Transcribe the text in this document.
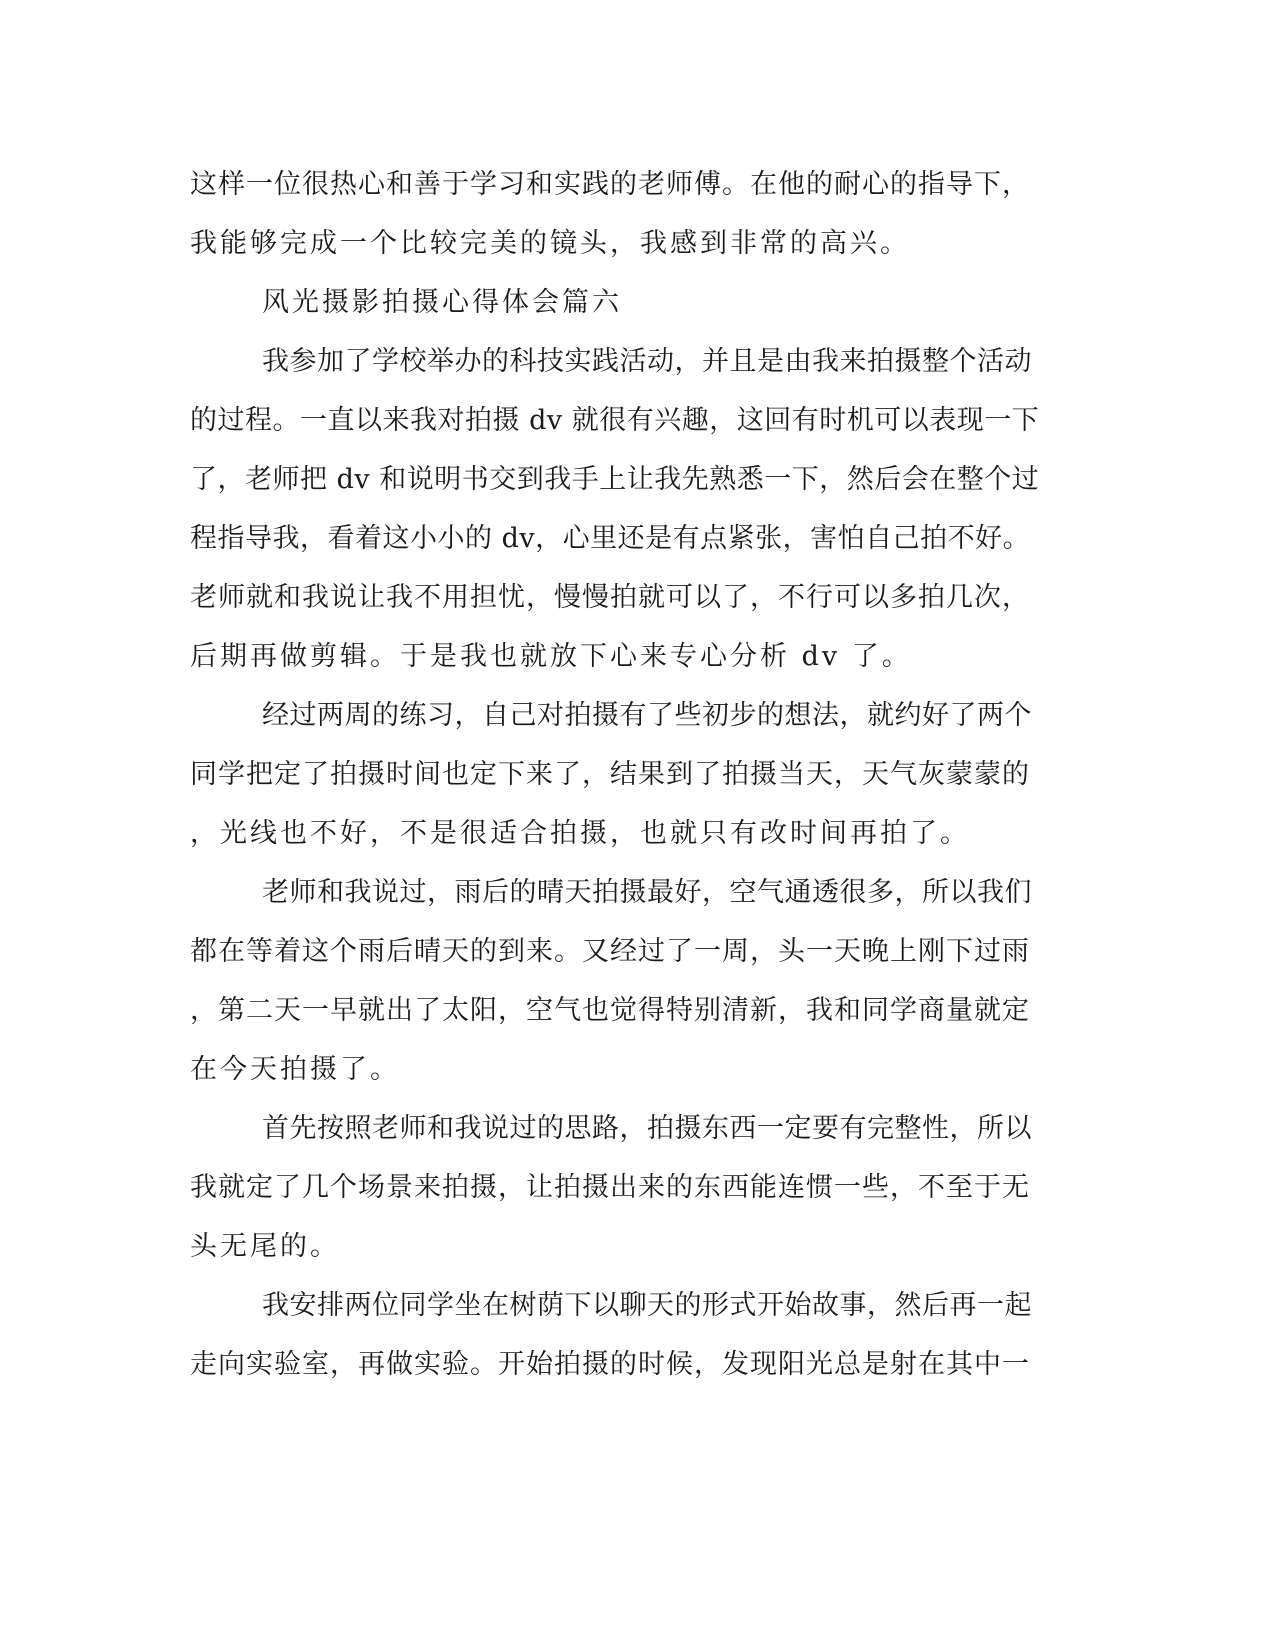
这样一位很热心和善于学习和实践的老师傅。在他的耐心的指导下，
我能够完成一个比较完美的镜头，我感到非常的高兴。
风光摄影拍摄心得体会篇六
我参加了学校举办的科技实践活动，并且是由我来拍摄整个活动
的过程。一直以来我对拍摄 dv 就很有兴趣，这回有时机可以表现一下
了，老师把 dv 和说明书交到我手上让我先熟悉一下，然后会在整个过
程指导我，看着这小小的 dv，心里还是有点紧张，害怕自己拍不好。
老师就和我说让我不用担忧，慢慢拍就可以了，不行可以多拍几次，
后期再做剪辑。于是我也就放下心来专心分析 dv 了。
经过两周的练习，自己对拍摄有了些初步的想法，就约好了两个
同学把定了拍摄时间也定下来了，结果到了拍摄当天，天气灰蒙蒙的
，光线也不好，不是很适合拍摄，也就只有改时间再拍了。
老师和我说过，雨后的晴天拍摄最好，空气通透很多，所以我们
都在等着这个雨后晴天的到来。又经过了一周，头一天晚上刚下过雨
，第二天一早就出了太阳，空气也觉得特别清新，我和同学商量就定
在今天拍摄了。
首先按照老师和我说过的思路，拍摄东西一定要有完整性，所以
我就定了几个场景来拍摄，让拍摄出来的东西能连惯一些，不至于无
头无尾的。
我安排两位同学坐在树荫下以聊天的形式开始故事，然后再一起
走向实验室，再做实验。开始拍摄的时候，发现阳光总是射在其中一
